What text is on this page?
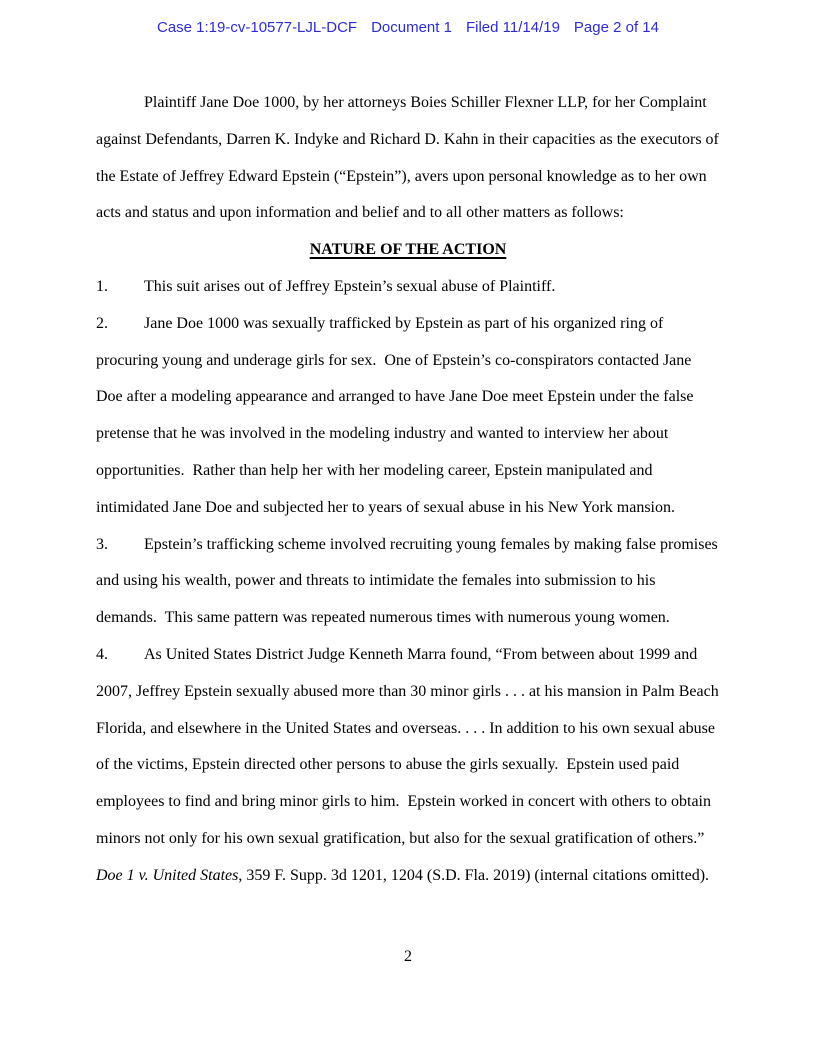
Case 1:19-cv-10577-LJL-DCF Document 1 Filed 11/14/19 Page 2 of 14

Plaintiff Jane Doe 1000, by her attorneys Boies Schiller Flexner LLP, for her Complaint against Defendants, Darren K. Indyke and Richard D. Kahn in their capacities as the executors of the Estate of Jeffrey Edward Epstein (“Epstein”), avers upon personal knowledge as to her own acts and status and upon information and belief and to all other matters as follows:

NATURE OF THE ACTION

1. This suit arises out of Jeffrey Epstein’s sexual abuse of Plaintiff.

2. Jane Doe 1000 was sexually trafficked by Epstein as part of his organized ring of procuring young and underage girls for sex.  One of Epstein’s co-conspirators contacted Jane Doe after a modeling appearance and arranged to have Jane Doe meet Epstein under the false pretense that he was involved in the modeling industry and wanted to interview her about opportunities.  Rather than help her with her modeling career, Epstein manipulated and intimidated Jane Doe and subjected her to years of sexual abuse in his New York mansion.

3. Epstein’s trafficking scheme involved recruiting young females by making false promises and using his wealth, power and threats to intimidate the females into submission to his demands.  This same pattern was repeated numerous times with numerous young women.

4. As United States District Judge Kenneth Marra found, “From between about 1999 and 2007, Jeffrey Epstein sexually abused more than 30 minor girls . . . at his mansion in Palm Beach Florida, and elsewhere in the United States and overseas. . . . In addition to his own sexual abuse of the victims, Epstein directed other persons to abuse the girls sexually.  Epstein used paid employees to find and bring minor girls to him.  Epstein worked in concert with others to obtain minors not only for his own sexual gratification, but also for the sexual gratification of others.” Doe 1 v. United States, 359 F. Supp. 3d 1201, 1204 (S.D. Fla. 2019) (internal citations omitted).

2
